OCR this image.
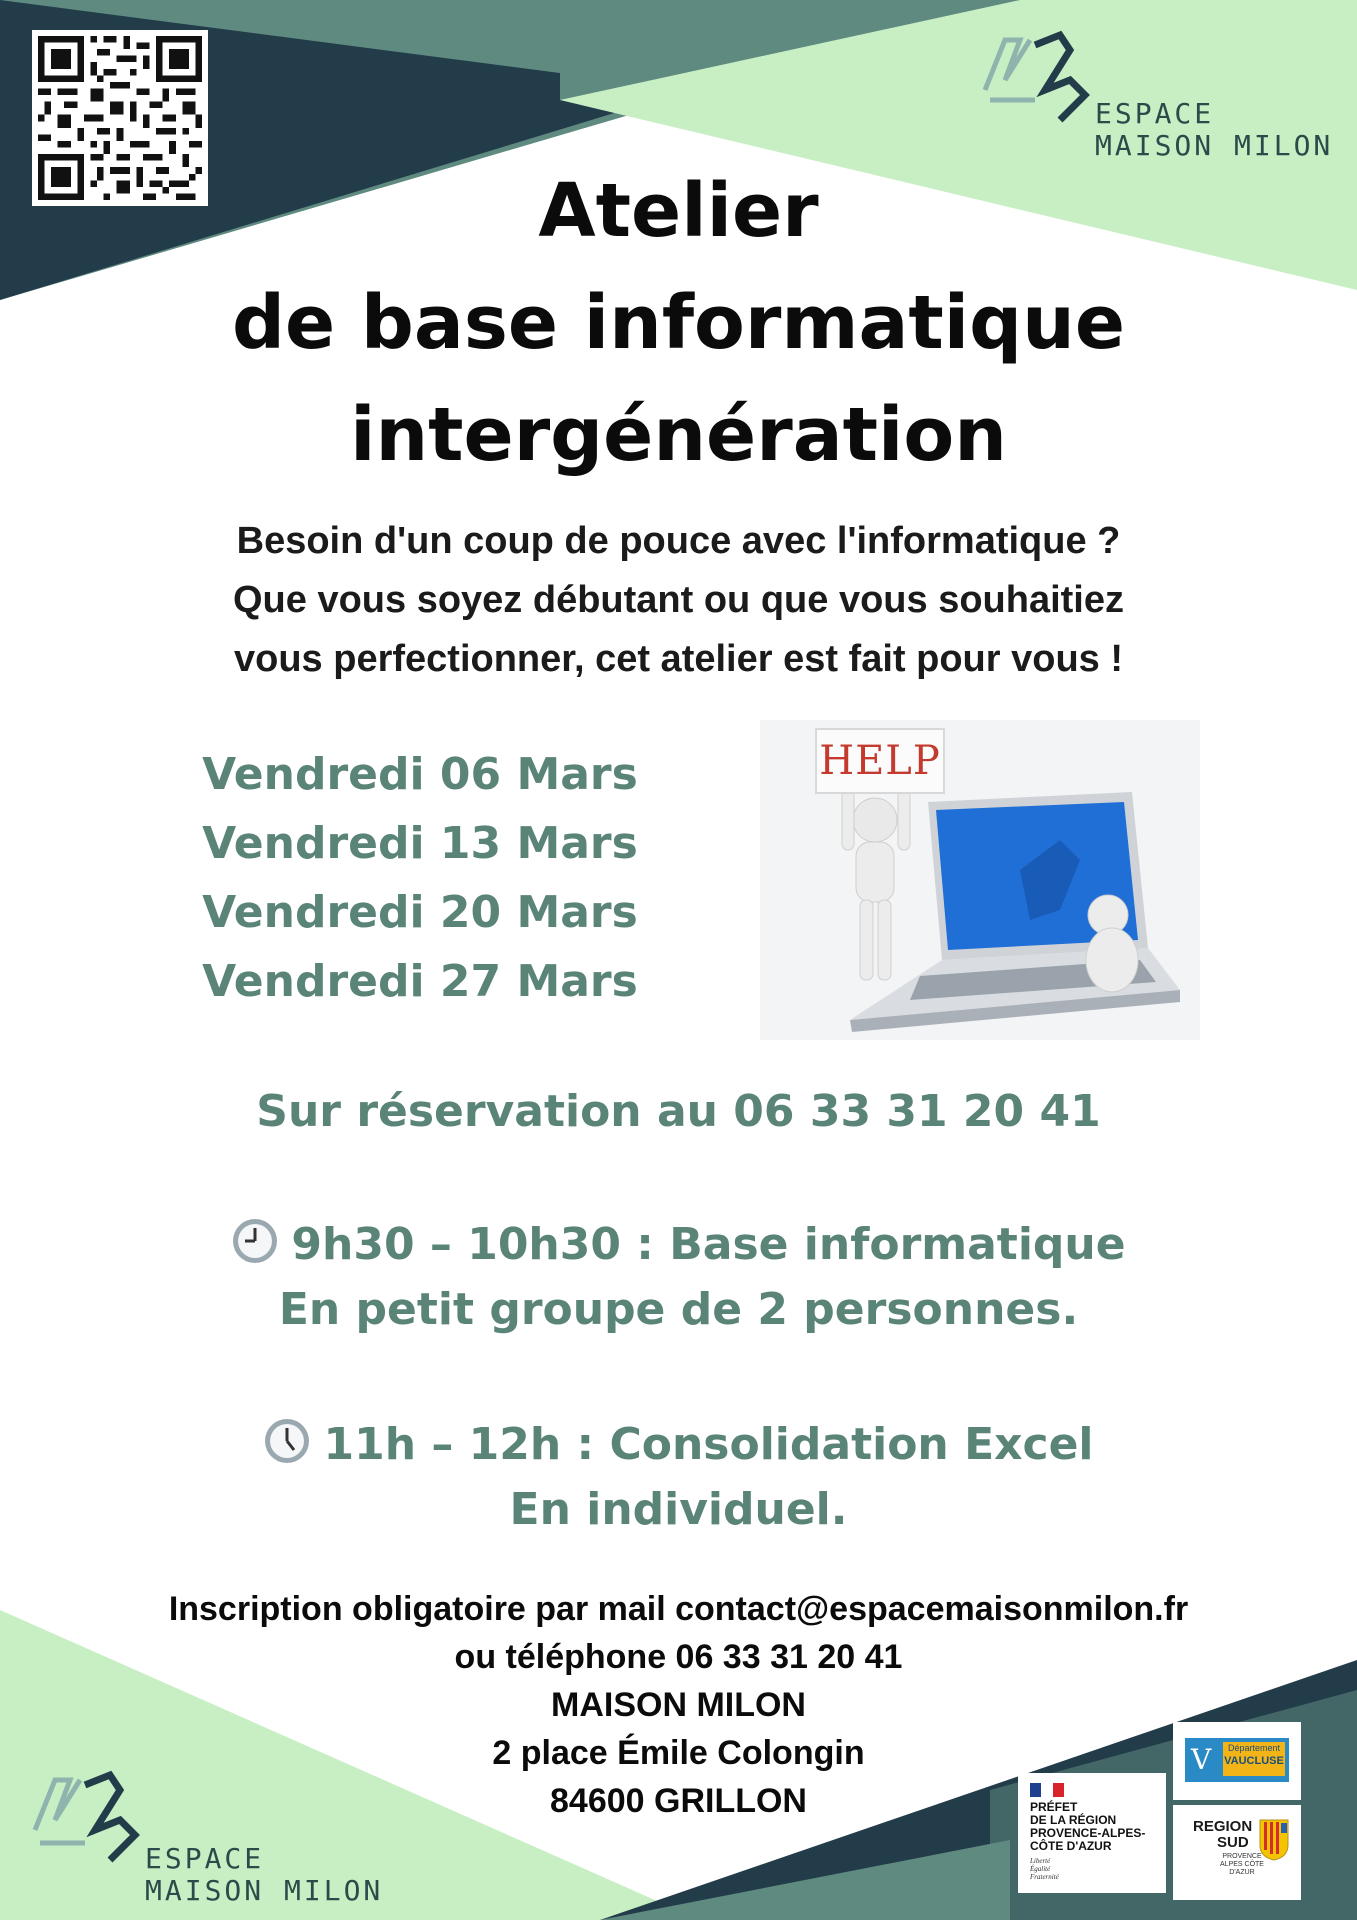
ESPACE
MAISON MILON
Atelier
de base informatique
intergénération
Besoin d'un coup de pouce avec l'informatique ?
Que vous soyez débutant ou que vous souhaitiez
vous perfectionner, cet atelier est fait pour vous !
Vendredi 06 Mars
Vendredi 13 Mars
Vendredi 20 Mars
Vendredi 27 Mars
HELP
Sur réservation au 06 33 31 20 41
9h30 – 10h30 : Base informatique
En petit groupe de 2 personnes.
11h – 12h : Consolidation Excel
En individuel.
Inscription obligatoire par mail contact@espacemaisonmilon.fr
ou téléphone 06 33 31 20 41
MAISON MILON
2 place Émile Colongin
84600 GRILLON
ESPACE
MAISON MILON
PRÉFET
DE LA RÉGION
PROVENCE-ALPES-
CÔTE D'AZUR
Liberté
Égalité
Fraternité
V	Département
VAUCLUSE
REGION
SUD
PROVENCE ALPES CÔTE D'AZUR
